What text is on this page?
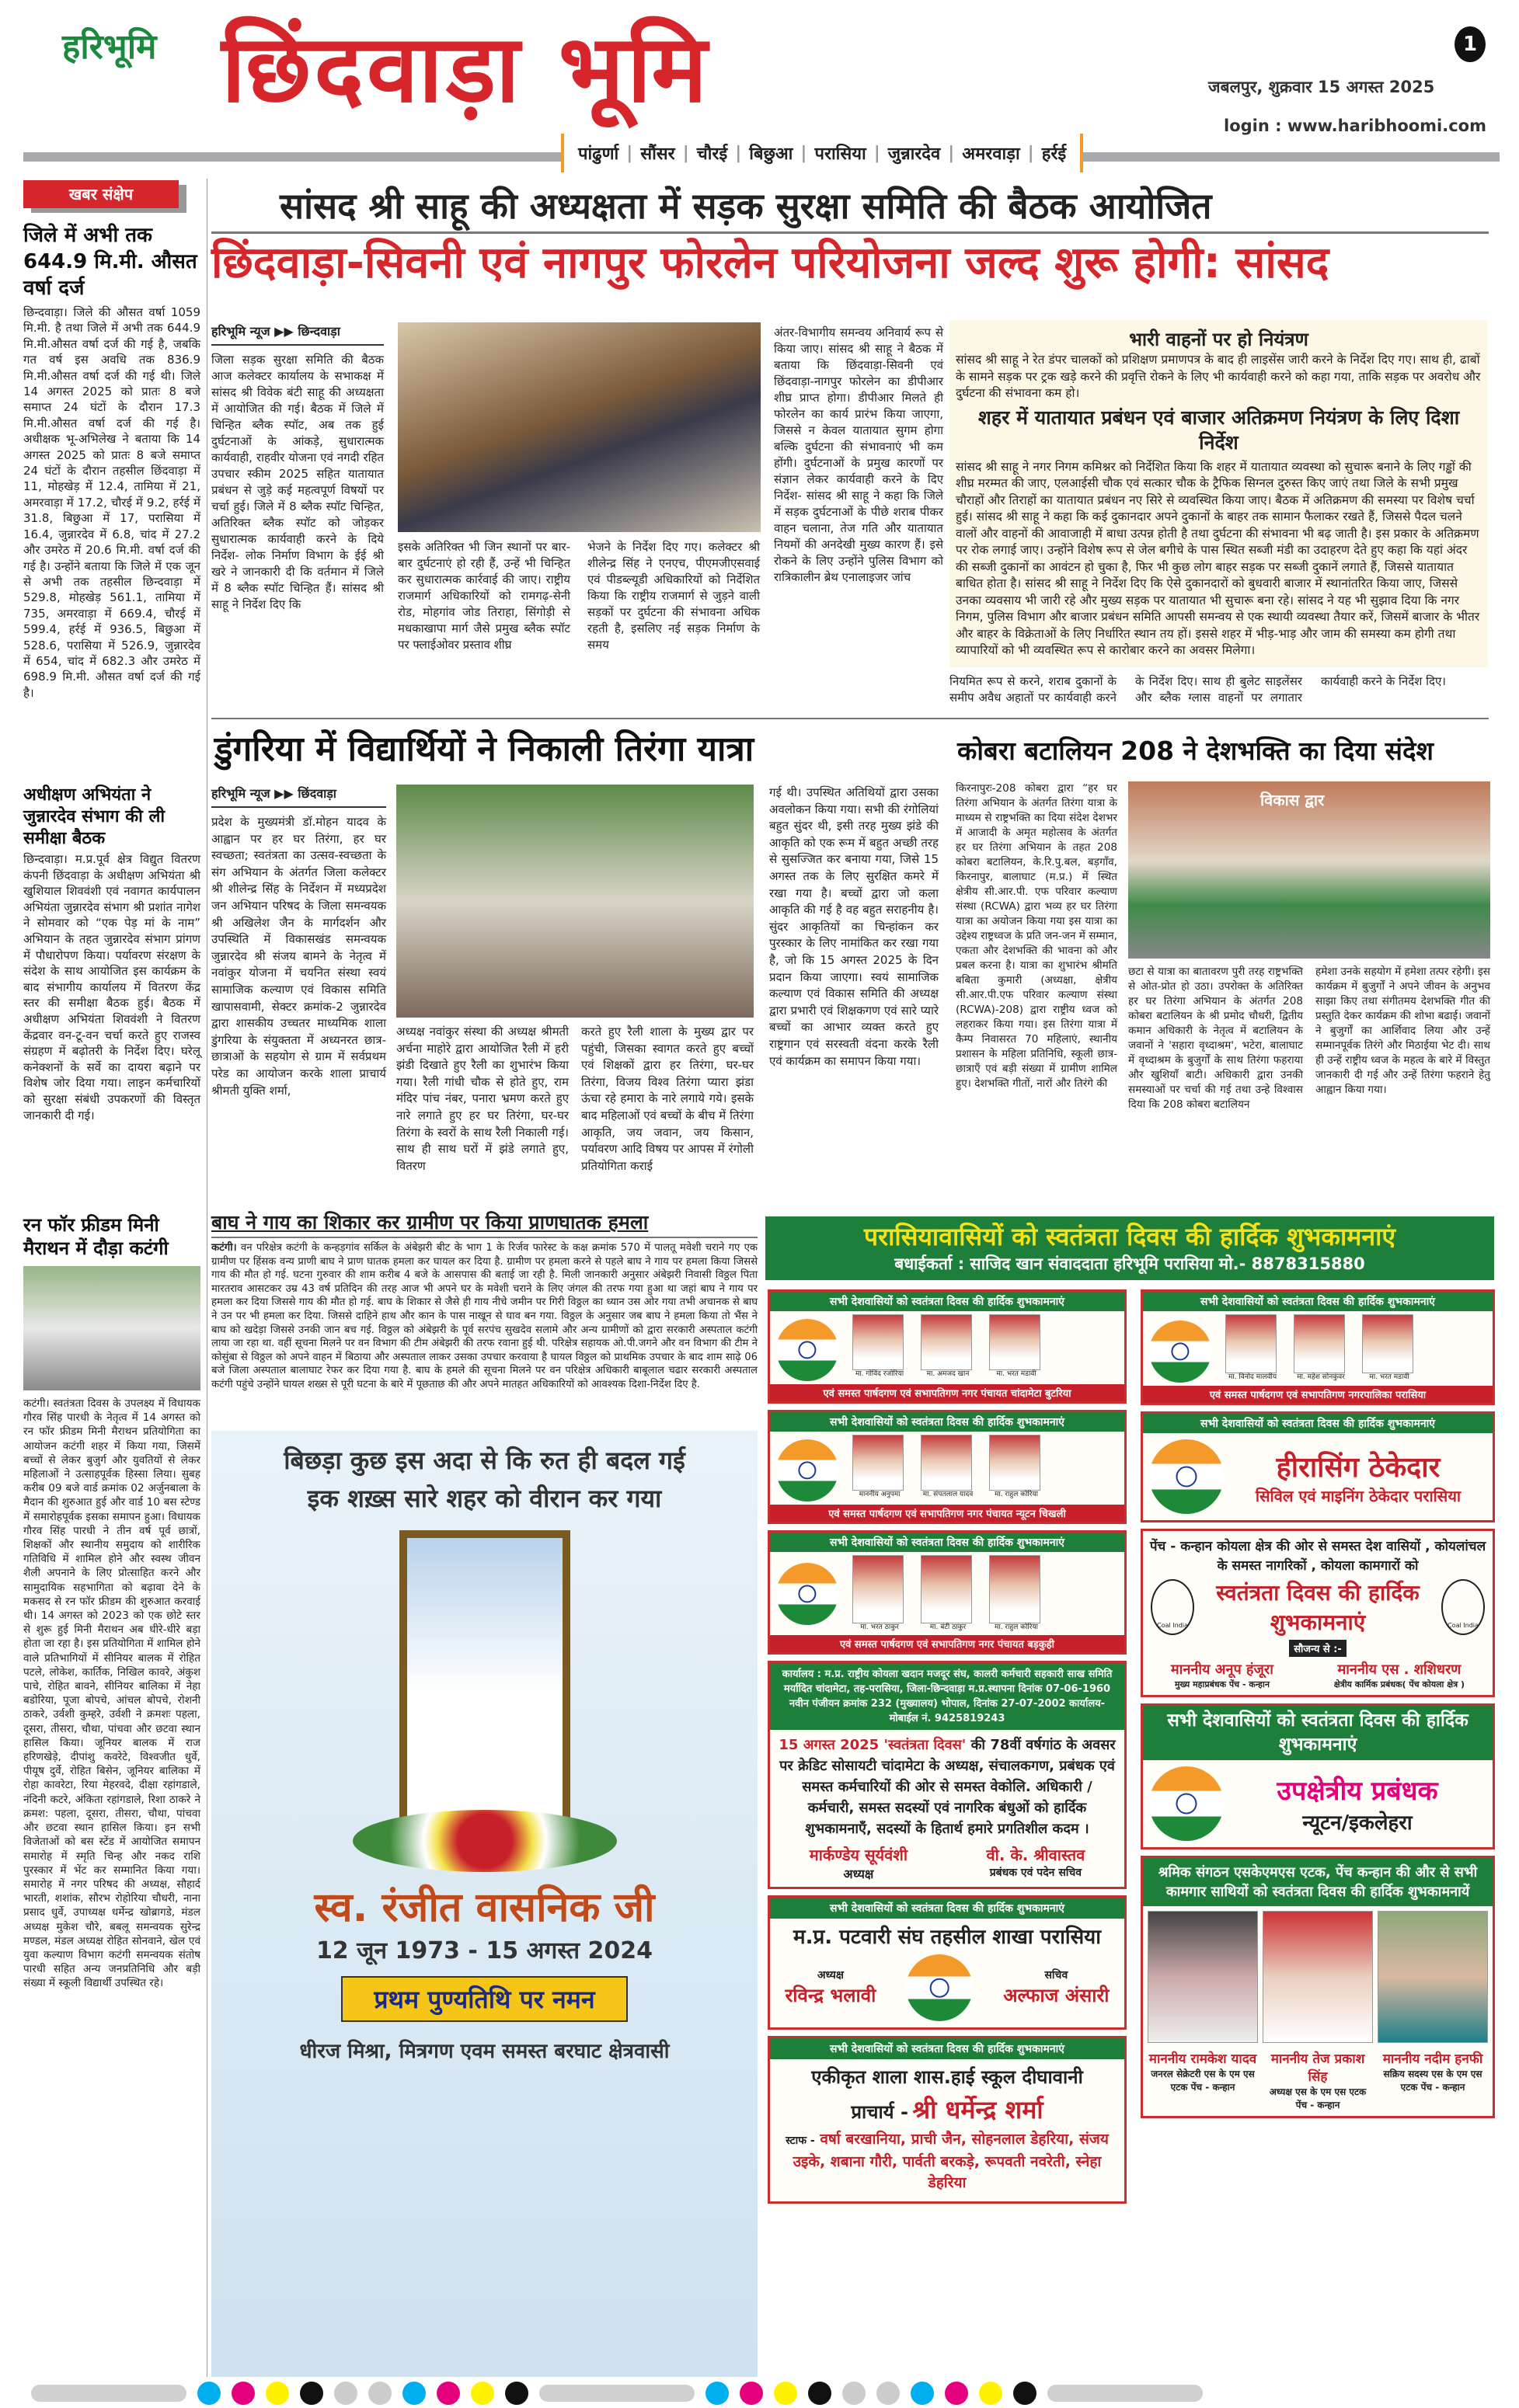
हरिभूमि छिंदवाड़ा भूमि	1
जबलपुर, शुक्रवार 15 अगस्त 2025
login : www.haribhoomi.com
पांढुर्णा | सौंसर | चौरई | बिछुआ | परासिया | जुन्नारदेव | अमरवाड़ा | हर्रई
खबर संक्षेप
जिले में अभी तक 644.9 मि.मी. औसत वर्षा दर्ज
छिन्दवाड़ा। जिले की औसत वर्षा 1059 मि.मी. है तथा जिले में अभी तक 644.9 मि.मी.औसत वर्षा दर्ज की गई है, जबकि गत वर्ष इस अवधि तक 836.9 मि.मी.औसत वर्षा दर्ज की गई थी। जिले 14 अगस्त 2025 को प्रातः 8 बजे समाप्त 24 घंटों के दौरान 17.3 मि.मी.औसत वर्षा दर्ज की गई है। अधीक्षक भू-अभिलेख ने बताया कि 14 अगस्त 2025 को प्रातः 8 बजे समाप्त 24 घंटों के दौरान तहसील छिंदवाड़ा में 11, मोहखेड़ में 12.4, तामिया में 21, अमरवाड़ा में 17.2, चौरई में 9.2, हर्रई में 31.8, बिछुआ में 17, परासिया में 16.4, जुन्नारदेव में 6.8, चांद में 27.2 और उमरेठ में 20.6 मि.मी. वर्षा दर्ज की गई है। उन्होंने बताया कि जिले में एक जून से अभी तक तहसील छिन्दवाड़ा में 529.8, मोहखेड़ 561.1, तामिया में 735, अमरवाड़ा में 669.4, चौरई में 599.4, हर्रई में 936.5, बिछुआ में 528.6, परासिया में 526.9, जुन्नारदेव में 654, चांद में 682.3 और उमरेठ में 698.9 मि.मी. औसत वर्षा दर्ज की गई है।
अधीक्षण अभियंता ने जुन्नारदेव संभाग की ली समीक्षा बैठक
छिन्दवाड़ा। म.प्र.पूर्व क्षेत्र विद्युत वितरण कंपनी छिंदवाड़ा के अधीक्षण अभियंता श्री खुशियाल शिववंशी एवं नवागत कार्यपालन अभियंता जुन्नारदेव संभाग श्री प्रशांत नागेश ने सोमवार को “एक पेड़ मां के नाम” अभियान के तहत जुन्नारदेव संभाग प्रांगण में पौधारोपण किया। पर्यावरण संरक्षण के संदेश के साथ आयोजित इस कार्यक्रम के बाद संभागीय कार्यालय में वितरण केंद्र स्तर की समीक्षा बैठक हुई। बैठक में अधीक्षण अभियंता शिववंशी ने वितरण केंद्रवार वन-टू-वन चर्चा करते हुए राजस्व संग्रहण में बढ़ोतरी के निर्देश दिए। घरेलू कनेक्शनों के सर्वे का दायरा बढ़ाने पर विशेष जोर दिया गया। लाइन कर्मचारियों को सुरक्षा संबंधी उपकरणों की विस्तृत जानकारी दी गई।
रन फॉर फ्रीडम मिनी मैराथन में दौड़ा कटंगी
कटंगी। स्वतंत्रता दिवस के उपलक्ष्य में विधायक गौरव सिंह पारधी के नेतृत्व में 14 अगस्त को रन फॉर फ्रीडम मिनी मैराथन प्रतियोगिता का आयोजन कटंगी शहर में किया गया, जिसमें बच्चों से लेकर बुजुर्ग और युवतियों से लेकर महिलाओं ने उत्साहपूर्वक हिस्सा लिया। सुबह करीब 09 बजे वार्ड क्रमांक 02 अर्जुनबाला के मैदान की शुरुआत हुई और वार्ड 10 बस स्टेण्ड में समारोहपूर्वक इसका समापन हुआ। विधायक गौरव सिंह पारधी ने तीन वर्ष पूर्व छात्रों, शिक्षकों और स्थानीय समुदाय को शारीरिक गतिविधि में शामिल होने और स्वस्थ जीवन शैली अपनाने के लिए प्रोत्साहित करने और सामुदायिक सहभागिता को बढ़ावा देने के मकसद से रन फॉर फ्रीडम की शुरुआत करवाई थी। 14 अगस्त को 2023 को एक छोटे स्तर से शुरू हुई मिनी मैराथन अब धीरे-धीरे बड़ा होता जा रहा है। इस प्रतियोगिता में शामिल होने वाले प्रतिभागियों में सीनियर बालक में रोहित पटले, लोकेश, कार्तिक, निखिल कावरे, अंकुश पाचे, रोहित बावने, सीनियर बालिका में नेहा बडोरिया, पूजा बोपचे, आंचल बोपचे, रोशनी ठाकरे, उर्वशी कुम्हरे, उर्वशी ने क्रमशः पहला, दूसरा, तीसरा, चौथा, पांचवा और छटवा स्थान हासिल किया। जूनियर बालक में राज हरिणखेड़े, दीपांशु कवरेटे, विश्वजीत धुर्वे, पीयूष दुर्वे, रोहित बिसेन, जूनियर बालिका में रोहा कावरेटा, रिया मेहरवदे, दीक्षा रहांगडाले, नंदिनी कटरे, अंकिता रहांगडाले, रिशा ठाकरे ने क्रमश: पहला, दूसरा, तीसरा, चौथा, पांचवा और छटवा स्थान हासिल किया। इन सभी विजेताओं को बस स्टेंड में आयोजित समापन समारोह में स्मृति चिन्ह और नकद राशि पुरस्कार में भेंट कर सम्मानित किया गया। समारोह में नगर परिषद की अध्यक्ष, सौहार्द भारती, शशांक, सौरभ रोहोरिया चौधरी, नाना प्रसाद धुर्वे, उपाध्यक्ष धर्मेन्द्र खोब्रागडे, मंडल अध्यक्ष मुकेश चौरे, बबलू समन्वयक सुरेन्द्र मण्डल, मंडल अध्यक्ष रोहित सोनवाने, खेल एवं युवा कल्याण विभाग कटंगी समन्वयक संतोष पारधी सहित अन्य जनप्रतिनिधि और बड़ी संख्या में स्कूली विद्यार्थी उपस्थित रहे।
सांसद श्री साहू की अध्यक्षता में सड़क सुरक्षा समिति की बैठक आयोजित
छिंदवाड़ा-सिवनी एवं नागपुर फोरलेन परियोजना जल्द शुरू होगी: सांसद
हरिभूमि न्यूज ▶▶ छिन्दवाड़ा
जिला सड़क सुरक्षा समिति की बैठक आज कलेक्टर कार्यालय के सभाकक्ष में सांसद श्री विवेक बंटी साहू की अध्यक्षता में आयोजित की गई। बैठक में जिले में चिन्हित ब्लैक स्पॉट, अब तक हुई दुर्घटनाओं के आंकड़े, सुधारात्मक कार्यवाही, राहवीर योजना एवं नगदी रहित उपचार स्कीम 2025 सहित यातायात प्रबंधन से जुड़े कई महत्वपूर्ण विषयों पर चर्चा हुई। जिले में 8 ब्लैक स्पॉट चिन्हित, अतिरिक्त ब्लैक स्पॉट को जोड़कर सुधारात्मक कार्यवाही करने के दिये निर्देश- लोक निर्माण विभाग के ईई श्री खरे ने जानकारी दी कि वर्तमान में जिले में 8 ब्लैक स्पॉट चिन्हित हैं। सांसद श्री साहू ने निर्देश दिए कि
इसके अतिरिक्त भी जिन स्थानों पर बार-बार दुर्घटनाएं हो रही हैं, उन्हें भी चिन्हित कर सुधारात्मक कार्रवाई की जाए। राष्ट्रीय राजमार्ग अधिकारियों को रामगढ़-सेनी रोड, मोहगांव जोड तिराहा, सिंगोड़ी से मधकाखापा मार्ग जैसे प्रमुख ब्लैक स्पॉट पर फ्लाईओवर प्रस्ताव शीघ्र
भेजने के निर्देश दिए गए। कलेक्टर श्री शीलेन्द्र सिंह ने एनएच, पीएमजीएसवाई एवं पीडब्ल्यूडी अधिकारियों को निर्देशित किया कि राष्ट्रीय राजमार्ग से जुड़ने वाली सड़कों पर दुर्घटना की संभावना अधिक रहती है, इसलिए नई सड़क निर्माण के समय
अंतर-विभागीय समन्वय अनिवार्य रूप से किया जाए। सांसद श्री साहू ने बैठक में बताया कि छिंदवाड़ा-सिवनी एवं छिंदवाड़ा-नागपुर फोरलेन का डीपीआर शीघ्र प्राप्त होगा। डीपीआर मिलते ही फोरलेन का कार्य प्रारंभ किया जाएगा, जिससे न केवल यातायात सुगम होगा बल्कि दुर्घटना की संभावनाएं भी कम होंगी। दुर्घटनाओं के प्रमुख कारणों पर संज्ञान लेकर कार्यवाही करने के दिए निर्देश- सांसद श्री साहू ने कहा कि जिले में सड़क दुर्घटनाओं के पीछे शराब पीकर वाहन चलाना, तेज गति और यातायात नियमों की अनदेखी मुख्य कारण हैं। इसे रोकने के लिए उन्होंने पुलिस विभाग को रात्रिकालीन ब्रेथ एनालाइजर जांच
भारी वाहनों पर हो नियंत्रण

सांसद श्री साहू ने रेत डंपर चालकों को प्रशिक्षण प्रमाणपत्र के बाद ही लाइसेंस जारी करने के निर्देश दिए गए। साथ ही, ढाबों के सामने सड़क पर ट्रक खड़े करने की प्रवृत्ति रोकने के लिए भी कार्यवाही करने को कहा गया, ताकि सड़क पर अवरोध और दुर्घटना की संभावना कम हो।

शहर में यातायात प्रबंधन एवं बाजार अतिक्रमण नियंत्रण के लिए दिशा निर्देश

सांसद श्री साहू ने नगर निगम कमिश्नर को निर्देशित किया कि शहर में यातायात व्यवस्था को सुचारू बनाने के लिए गड्ढों की शीघ्र मरम्मत की जाए, एलआईसी चौक एवं सत्कार चौक के ट्रैफिक सिग्नल दुरुस्त किए जाएं तथा जिले के सभी प्रमुख चौराहों और तिराहों का यातायात प्रबंधन नए सिरे से व्यवस्थित किया जाए। बैठक में अतिक्रमण की समस्या पर विशेष चर्चा हुई। सांसद श्री साहू ने कहा कि कई दुकानदार अपने दुकानों के बाहर तक सामान फैलाकर रखते हैं, जिससे पैदल चलने वालों और वाहनों की आवाजाही में बाधा उत्पन्न होती है तथा दुर्घटना की संभावना भी बढ़ जाती है। इस प्रकार के अतिक्रमण पर रोक लगाई जाए। उन्होंने विशेष रूप से जेल बगीचे के पास स्थित सब्जी मंडी का उदाहरण देते हुए कहा कि यहां अंदर की सब्जी दुकानों का आवंटन हो चुका है, फिर भी कुछ लोग बाहर सड़क पर सब्जी दुकानें लगाते हैं, जिससे यातायात बाधित होता है। सांसद श्री साहू ने निर्देश दिए कि ऐसे दुकानदारों को बुधवारी बाजार में स्थानांतरित किया जाए, जिससे उनका व्यवसाय भी जारी रहे और मुख्य सड़क पर यातायात भी सुचारू बना रहे। सांसद ने यह भी सुझाव दिया कि नगर निगम, पुलिस विभाग और बाजार प्रबंधन समिति आपसी समन्वय से एक स्थायी व्यवस्था तैयार करें, जिसमें बाजार के भीतर और बाहर के विक्रेताओं के लिए निर्धारित स्थान तय हों। इससे शहर में भीड़-भाड़ और जाम की समस्या कम होगी तथा व्यापारियों को भी व्यवस्थित रूप से कारोबार करने का अवसर मिलेगा।

नियमित रूप से करने, शराब दुकानों के समीप अवैध अहातों पर कार्यवाही करने के निर्देश दिए। साथ ही बुलेट साइलेंसर और ब्लैक ग्लास वाहनों पर लगातार कार्यवाही करने के निर्देश दिए।
डुंगरिया में विद्यार्थियों ने निकाली तिरंगा यात्रा
हरिभूमि न्यूज ▶▶ छिंदवाड़ा
प्रदेश के मुख्यमंत्री डॉ.मोहन यादव के आह्वान पर हर घर तिरंगा, हर घर स्वच्छता; स्वतंत्रता का उत्सव-स्वच्छता के संग अभियान के अंतर्गत जिला कलेक्टर श्री शीलेन्द्र सिंह के निर्देशन में मध्यप्रदेश जन अभियान परिषद के जिला समन्वयक श्री अखिलेश जैन के मार्गदर्शन और उपस्थिति में विकासखंड समन्वयक जुन्नारदेव श्री संजय बामने के नेतृत्व में नवांकुर योजना में चयनित संस्था स्वयं सामाजिक कल्याण एवं विकास समिति खापासवामी, सेक्टर क्रमांक-2 जुन्नारदेव द्वारा शासकीय उच्चतर माध्यमिक शाला डुंगरिया के संयुक्तता में अध्यनरत छात्र-छात्राओं के सहयोग से ग्राम में सर्वप्रथम परेड का आयोजन करके शाला प्राचार्य श्रीमती युक्ति शर्मा,
अध्यक्ष नवांकुर संस्था की अध्यक्ष श्रीमती अर्चना माहोरे द्वारा आयोजित रैली में हरी झंडी दिखाते हुए रैली का शुभारंभ किया गया। रैली गांधी चौक से होते हुए, राम मंदिर पांच नंबर, पनारा भ्रमण करते हुए नारे लगाते हुए हर घर तिरंगा, घर-घर तिरंगा के स्वरों के साथ रैली निकाली गई। साथ ही साथ घरों में झंडे लगाते हुए, वितरण
करते हुए रैली शाला के मुख्य द्वार पर पहुंची, जिसका स्वागत करते हुए बच्चों एवं शिक्षकों द्वारा हर तिरंगा, घर-घर तिरंगा, विजय विश्व तिरंगा प्यारा झंडा ऊंचा रहे हमारा के नारे लगाये गये। इसके बाद महिलाओं एवं बच्चों के बीच में तिरंगा आकृति, जय जवान, जय किसान, पर्यावरण आदि विषय पर आपस में रंगोली प्रतियोगिता कराई
गई थी। उपस्थित अतिथियों द्वारा उसका अवलोकन किया गया। सभी की रंगोलियां बहुत सुंदर थी, इसी तरह मुख्य झंडे की आकृति को एक रूम में बहुत अच्छी तरह से सुसज्जित कर बनाया गया, जिसे 15 अगस्त तक के लिए सुरक्षित कमरे में रखा गया है। बच्चों द्वारा जो कला आकृति की गई है वह बहुत सराहनीय है। सुंदर आकृतियों का चिन्हांकन कर पुरस्कार के लिए नामांकित कर रखा गया है, जो कि 15 अगस्त 2025 के दिन प्रदान किया जाएगा। स्वयं सामाजिक कल्याण एवं विकास समिति की अध्यक्ष द्वारा प्रभारी एवं शिक्षकगण एवं सारे प्यारे बच्चों का आभार व्यक्त करते हुए राष्ट्रगान एवं सरस्वती वंदना करके रैली एवं कार्यक्रम का समापन किया गया।
कोबरा बटालियन 208 ने देशभक्ति का दिया संदेश
किरनापुरः-208 कोबरा द्वारा “हर घर तिरंगा अभियान के अंतर्गत तिरंगा यात्रा के माध्यम से राष्ट्रभक्ति का दिया संदेश देशभर में आजादी के अमृत महोत्सव के अंतर्गत हर घर तिरंगा अभियान के तहत 208 कोबरा बटालियन, के.रि.पु.बल, बड़गाँव, किरनापुर, बालाघाट (म.प्र.) में स्थित क्षेत्रीय सी.आर.पी. एफ परिवार कल्याण संस्था (RCWA) द्वारा भव्य हर घर तिरंगा यात्रा का अयोजन किया गया इस यात्रा का उद्देश्य राष्ट्रध्वज के प्रति जन-जन में सम्मान, एकता और देशभक्ति की भावना को और प्रबल करना है। यात्रा का शुभारंभ श्रीमति बबिता कुमारी (अध्यक्षा, क्षेत्रीय सी.आर.पी.एफ परिवार कल्याण संस्था (RCWA)-208) द्वारा राष्ट्रीय ध्वज को लहराकर किया गया। इस तिरंगा यात्रा में कैम्प निवासरत 70 महिलाएं, स्थानीय प्रशासन के महिला प्रतिनिधि, स्कूली छात्र-छात्राएँ एवं बड़ी संख्या में ग्रामीण शामिल हुए। देशभक्ति गीतों, नारों और तिरंगे की
विकास द्वार
छटा से यात्रा का बातावरण पुरी तरह राष्ट्रभक्ति से ओत-प्रोत हो उठा। उपरोक्त के अतिरिक्त हर घर तिरंगा अभियान के अंतर्गत 208 कोबरा बटालियन के श्री प्रमोद चौधरी, द्वितीय कमान अधिकारी के नेतृत्व में बटालियन के जवानों ने 'सहारा वृध्दाश्रम', भटेरा, बालाघाट में वृध्दाश्रम के बुजुर्गों के साथ तिरंगा फहराया और खुशियाँ बाटी। अधिकारी द्वारा उनकी समस्याओं पर चर्चा की गई तथा उन्हे विश्वास दिया कि 208 कोबरा बटालियन
हमेशा उनके सहयोग में हमेशा तत्पर रहेगी। इस कार्यक्रम में बुजुर्गों ने अपने जीवन के अनुभव साझा किए तथा संगीतमय देशभक्ति गीत की प्रस्तुति देकर कार्यक्रम की शोभा बढाई। जवानों ने बुजुर्गों का आर्शिवाद लिया और उन्हें सम्मानपूर्वक तिरंगे और मिठाईया भेट दी। साथ ही उन्हें राष्ट्रीय ध्वज के महत्व के बारे में विस्तुत जानकारी दी गई और उन्हें तिरंगा फहराने हेतु आह्वान किया गया।
बाघ ने गाय का शिकार कर ग्रामीण पर किया प्राणघातक हमला
कटंगी। वन परिक्षेत्र कटंगी के कन्हड़गांव सर्किल के अंबेझरी बीट के भाग 1 के रिर्जव फारेस्ट के कक्ष क्रमांक 570 में पालतू मवेशी चराने गए एक ग्रामीण पर हिंसक वन्य प्राणी बाघ ने प्राण घातक हमला कर घायल कर दिया है. ग्रामीण पर हमला करने से पहले बाघ ने गाय पर हमला किया जिससे गाय की मौत हो गई. घटना गुरुवार की शाम करीब 4 बजे के आसपास की बताई जा रही है. मिली जानकारी अनुसार अंबेझरी निवासी विठ्ठल पिता मारतराव आसटकर उम्र 43 वर्ष प्रतिदिन की तरह आज भी अपने घर के मवेशी चराने के लिए जंगल की तरफ गया हुआ था जहां बाघ ने गाय पर हमला कर दिया जिससे गाय की मौत हो गई. बाघ के शिकार से जैसे ही गाय नीचे जमीन पर गिरी विठ्ठल का ध्यान उस ओर गया तभी अचानक से बाघ ने उन पर भी हमला कर दिया. जिससे दाहिने हाथ और कान के पास नाखून से घाव बन गया. विठ्ठल के अनुसार जब बाघ ने हमला किया तो भैंस ने बाघ को खदेड़ा जिससे उनकी जान बच गई. विठ्ठल को अंबेझरी के पूर्व सरपंच सुखदेव सलामे और अन्य ग्रामीणों को द्वारा सरकारी अस्पताल कटंगी लाया जा रहा था. वहीं सूचना मिलने पर वन विभाग की टीम अंबेझरी की तरफ रवाना हुई थी. परिक्षेत्र सहायक ओ.पी.जगने और वन विभाग की टीम ने कोसुंबा से विठ्ठल को अपने वाहन में बिठाया और अस्पताल लाकर उसका उपचार करवाया है घायल विठ्ठल को प्राथमिक उपचार के बाद शाम साढ़े 06 बजे जिला अस्पताल बालाघाट रेफर कर दिया गया है. बाघ के हमले की सूचना मिलने पर वन परिक्षेत्र अधिकारी बाबूलाल चढार सरकारी अस्पताल कटंगी पहुंचे उन्होंने घायल शख्स से पूरी घटना के बारे में पूछताछ की और अपने मातहत अधिकारियों को आवश्यक दिशा-निर्देश दिए है.
बिछड़ा कुछ इस अदा से कि रुत ही बदल गई
इक शख़्स सारे शहर को वीरान कर गया
स्व. रंजीत वासनिक जी
12 जून 1973 - 15 अगस्त 2024
प्रथम पुण्यतिथि पर नमन
धीरज मिश्रा, मित्रगण एवम समस्त बरघाट क्षेत्रवासी
परासियावासियों को स्वतंत्रता दिवस की हार्दिक शुभकामनाएं
बधाईकर्ता : साजिद खान संवाददाता हरिभूमि परासिया मो.- 8878315880
सभी देशवासियों को स्वतंत्रता दिवस की हार्दिक शुभकामनाएं
मा. गोविंद रजोरिया	मा. अमजद खान	मा. भरत मडावी
एवं समस्त पार्षदगण एवं सभापतिगण नगर पंचायत चांदामेटा बुटरिया
सभी देशवासियों को स्वतंत्रता दिवस की हार्दिक शुभकामनाएं
माननीय अनुपमा	मा. संपतलाल यादव	मा. राहुल कोरिया
एवं समस्त पार्षदगण एवं सभापतिगण नगर पंचायत न्यूटन चिखली
सभी देशवासियों को स्वतंत्रता दिवस की हार्दिक शुभकामनाएं
मा. भरत ठाकुर	मा. बंटी ठाकुर	मा. राहुल कोरिया
एवं समस्त पार्षदगण एवं सभापतिगण नगर पंचायत बड़कुही
कार्यालय : म.प्र. राष्ट्रीय कोयला खदान मजदूर संघ, कालरी कर्मचारी सहकारी साख समिति मर्यादित चांदामेटा, तह-परासिया, जिला-छिन्दवाड़ा म.प्र.स्थापना दिनांक 07-06-1960 नवीन पंजीयन क्रमांक 232 (मुख्यालय) भोपाल, दिनांक 27-07-2002 कार्यालय- मोबाईल नं. 9425819243
15 अगस्त 2025 'स्वतंत्रता दिवस' की 78वीं वर्षगांठ के अवसर पर क्रेडिट सोसायटी चांदामेटा के अध्यक्ष, संचालकगण, प्रबंधक एवं समस्त कर्मचारियों की ओर से समस्त वेकोलि. अधिकारी / कर्मचारी, समस्त सदस्यों एवं नागरिक बंधुओं को हार्दिक शुभकामनाएँ, सदस्यों के हितार्थ हमारे प्रगतिशील कदम ।
मार्कण्डेय सूर्यवंशी
अध्यक्ष
वी. के. श्रीवास्तव
प्रबंधक एवं पदेन सचिव
सभी देशवासियों को स्वतंत्रता दिवस की हार्दिक शुभकामनाएं
म.प्र. पटवारी संघ तहसील शाखा परासिया
अध्यक्ष
रविन्द्र भलावी
सचिव
अल्फाज अंसारी
सभी देशवासियों को स्वतंत्रता दिवस की हार्दिक शुभकामनाएं
एकीकृत शाला शास.हाई स्कूल दीघावानी
प्राचार्य - श्री धर्मेन्द्र शर्मा
स्टाफ - वर्षा बरखानिया, प्राची जैन, सोहनलाल डेहरिया, संजय उइके, शबाना गौरी, पार्वती बरकड़े, रूपवती नवरेती, स्नेहा डेहरिया
सभी देशवासियों को स्वतंत्रता दिवस की हार्दिक शुभकामनाएं
मा. विनोद मालवीय	मा. महेश सोनकुंवर	मा. भरत मडावी
एवं समस्त पार्षदगण एवं सभापतिगण नगरपालिका परासिया
सभी देशवासियों को स्वतंत्रता दिवस की हार्दिक शुभकामनाएं
हीरासिंग ठेकेदार
सिविल एवं माइनिंग ठेकेदार परासिया
पेंच - कन्हान कोयला क्षेत्र की ओर से समस्त देश वासियों , कोयलांचल के समस्त नागरिकों , कोयला कामगारों को
Coal India
स्वतंत्रता दिवस की हार्दिक शुभकामनाएं	Coal India
सौजन्य से :-
माननीय अनूप हंजूरा
मुख्य महाप्रबंधक पेंच - कन्हान
माननीय एस . शशिधरण
क्षेत्रीय कार्मिक प्रबंधक( पेंच कोयला क्षेत्र )
सभी देशवासियों को स्वतंत्रता दिवस की हार्दिक शुभकामनाएं
उपक्षेत्रीय प्रबंधक
न्यूटन/इकलेहरा
श्रमिक संगठन एसकेएमएस एटक, पेंच कन्हान की और से सभी कामगार साथियों को स्वतंत्रता दिवस की हार्दिक शुभकामनायें
माननीय रामकेश यादव
जनरल सेक्रेटरी एस के एम एस एटक पेंच - कन्हान
माननीय तेज प्रकाश सिंह
अध्यक्ष एस के एम एस एटक पेंच - कन्हान
माननीय नदीम हनफी
सक्रिय सदस्य एस के एम एस एटक पेंच - कन्हान
